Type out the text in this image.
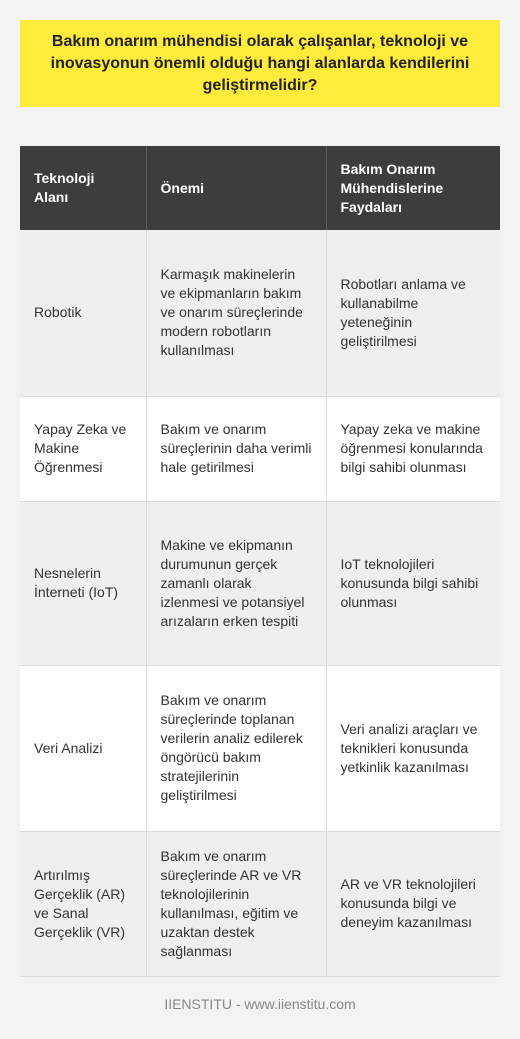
Bakım onarım mühendisi olarak çalışanlar, teknoloji ve inovasyonun önemli olduğu hangi alanlarda kendilerini geliştirmelidir?
Teknoloji Alanı	Önemi	Bakım Onarım Mühendislerine Faydaları
Robotik	Karmaşık makinelerin ve ekipmanların bakım ve onarım süreçlerinde modern robotların kullanılması	Robotları anlama ve kullanabilme yeteneğinin geliştirilmesi
Yapay Zeka ve Makine Öğrenmesi	Bakım ve onarım süreçlerinin daha verimli hale getirilmesi	Yapay zeka ve makine öğrenmesi konularında bilgi sahibi olunması
Nesnelerin İnterneti (IoT)	Makine ve ekipmanın durumunun gerçek zamanlı olarak izlenmesi ve potansiyel arızaların erken tespiti	IoT teknolojileri konusunda bilgi sahibi olunması
Veri Analizi	Bakım ve onarım süreçlerinde toplanan verilerin analiz edilerek öngörücü bakım stratejilerinin geliştirilmesi	Veri analizi araçları ve teknikleri konusunda yetkinlik kazanılması
Artırılmış Gerçeklik (AR) ve Sanal Gerçeklik (VR)	Bakım ve onarım süreçlerinde AR ve VR teknolojilerinin kullanılması, eğitim ve uzaktan destek sağlanması	AR ve VR teknolojileri konusunda bilgi ve deneyim kazanılması
IIENSTITU - www.iienstitu.com
